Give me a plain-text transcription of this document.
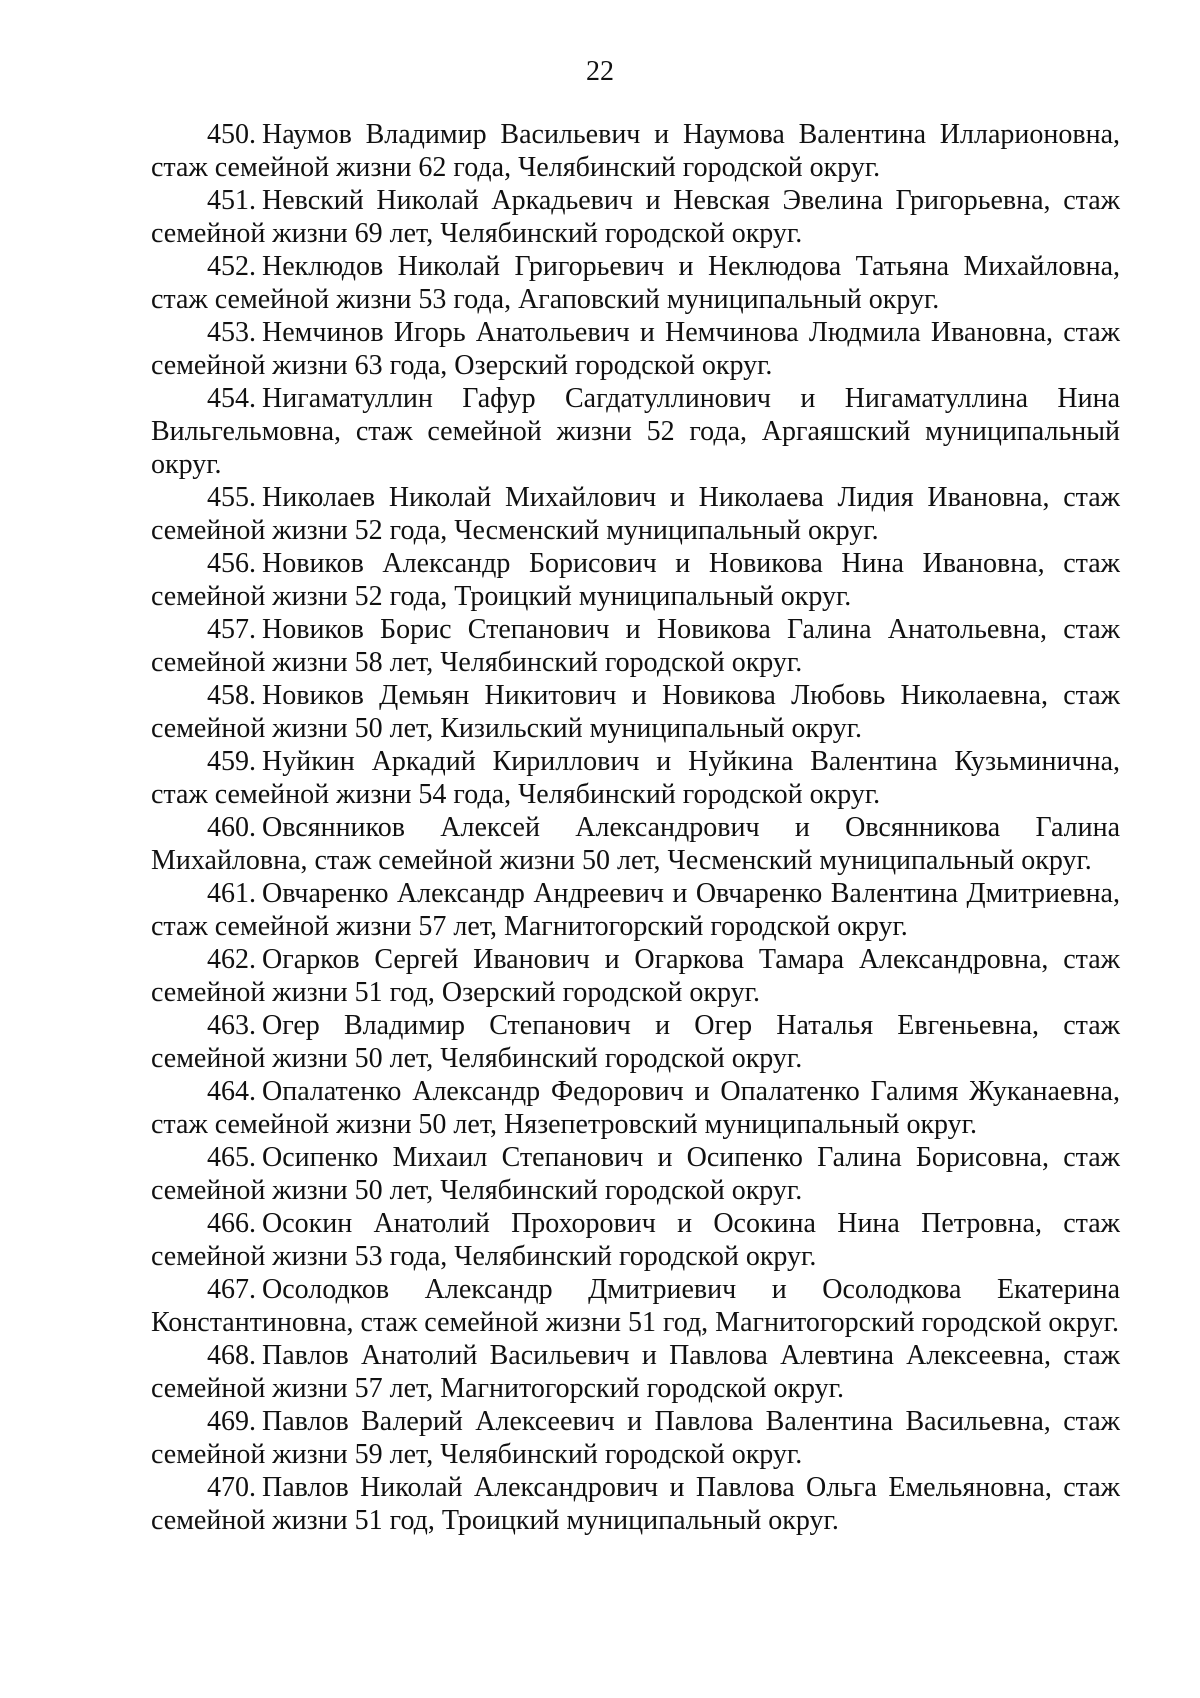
22

450. Наумов Владимир Васильевич и Наумова Валентина Илларионовна, стаж семейной жизни 62 года, Челябинский городской округ.

451. Невский Николай Аркадьевич и Невская Эвелина Григорьевна, стаж семейной жизни 69 лет, Челябинский городской округ.

452. Неклюдов Николай Григорьевич и Неклюдова Татьяна Михайловна, стаж семейной жизни 53 года, Агаповский муниципальный округ.

453. Немчинов Игорь Анатольевич и Немчинова Людмила Ивановна, стаж семейной жизни 63 года, Озерский городской округ.

454. Нигаматуллин Гафур Сагдатуллинович и Нигаматуллина Нина Вильгельмовна, стаж семейной жизни 52 года, Аргаяшский муниципальный округ.

455. Николаев Николай Михайлович и Николаева Лидия Ивановна, стаж семейной жизни 52 года, Чесменский муниципальный округ.

456. Новиков Александр Борисович и Новикова Нина Ивановна, стаж семейной жизни 52 года, Троицкий муниципальный округ.

457. Новиков Борис Степанович и Новикова Галина Анатольевна, стаж семейной жизни 58 лет, Челябинский городской округ.

458. Новиков Демьян Никитович и Новикова Любовь Николаевна, стаж семейной жизни 50 лет, Кизильский муниципальный округ.

459. Нуйкин Аркадий Кириллович и Нуйкина Валентина Кузьминична, стаж семейной жизни 54 года, Челябинский городской округ.

460. Овсянников Алексей Александрович и Овсянникова Галина Михайловна, стаж семейной жизни 50 лет, Чесменский муниципальный округ.

461. Овчаренко Александр Андреевич и Овчаренко Валентина Дмитриевна, стаж семейной жизни 57 лет, Магнитогорский городской округ.

462. Огарков Сергей Иванович и Огаркова Тамара Александровна, стаж семейной жизни 51 год, Озерский городской округ.

463. Огер Владимир Степанович и Огер Наталья Евгеньевна, стаж семейной жизни 50 лет, Челябинский городской округ.

464. Опалатенко Александр Федорович и Опалатенко Галимя Жуканаевна, стаж семейной жизни 50 лет, Нязепетровский муниципальный округ.

465. Осипенко Михаил Степанович и Осипенко Галина Борисовна, стаж семейной жизни 50 лет, Челябинский городской округ.

466. Осокин Анатолий Прохорович и Осокина Нина Петровна, стаж семейной жизни 53 года, Челябинский городской округ.

467. Осолодков Александр Дмитриевич и Осолодкова Екатерина Константиновна, стаж семейной жизни 51 год, Магнитогорский городской округ.

468. Павлов Анатолий Васильевич и Павлова Алевтина Алексеевна, стаж семейной жизни 57 лет, Магнитогорский городской округ.

469. Павлов Валерий Алексеевич и Павлова Валентина Васильевна, стаж семейной жизни 59 лет, Челябинский городской округ.

470. Павлов Николай Александрович и Павлова Ольга Емельяновна, стаж семейной жизни 51 год, Троицкий муниципальный округ.
